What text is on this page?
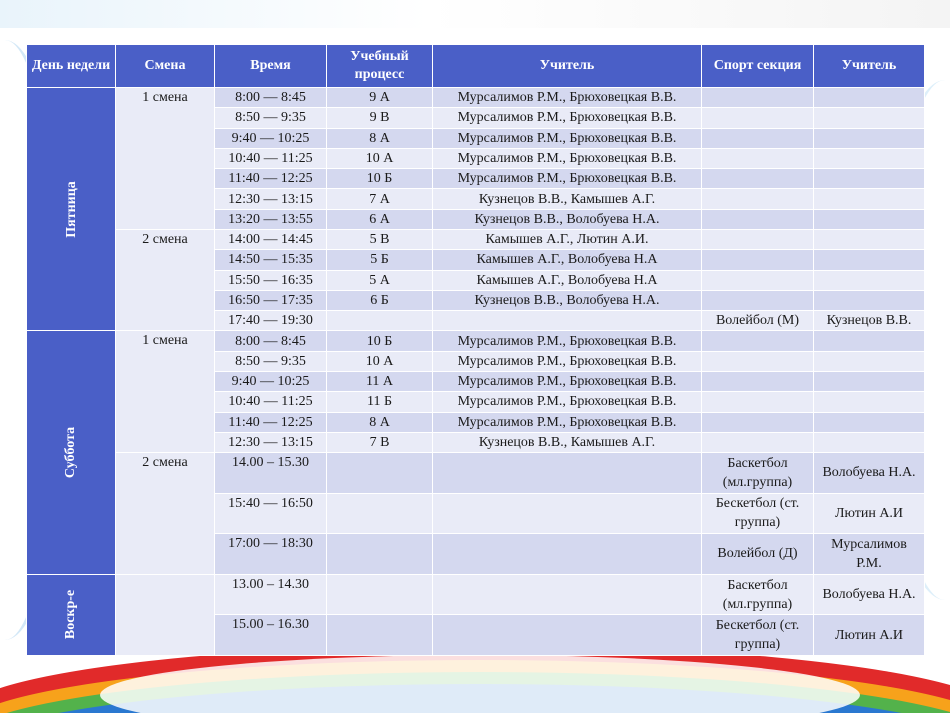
День недели	Смена	Время	Учебный процесс	Учитель	Спорт секция	Учитель
Пятница	1 смена	8:00 — 8:45	9 А	Мурсалимов Р.М., Брюховецкая В.В.		
		8:50 — 9:35	9 В	Мурсалимов Р.М., Брюховецкая В.В.		
		9:40 — 10:25	8 А	Мурсалимов Р.М., Брюховецкая В.В.		
		10:40 — 11:25	10 А	Мурсалимов Р.М., Брюховецкая В.В.		
		11:40 — 12:25	10 Б	Мурсалимов Р.М., Брюховецкая В.В.		
		12:30 — 13:15	7 А	Кузнецов В.В., Камышев А.Г.		
		13:20 — 13:55	6 А	Кузнецов В.В., Волобуева Н.А.		
	2 смена	14:00 — 14:45	5 В	Камышев А.Г., Лютин А.И.		
		14:50 — 15:35	5 Б	Камышев А.Г., Волобуева Н.А		
		15:50 — 16:35	5 А	Камышев А.Г., Волобуева Н.А		
		16:50 — 17:35	6 Б	Кузнецов В.В., Волобуева Н.А.		
		17:40 — 19:30			Волейбол (М)	Кузнецов В.В.
Суббота	1 смена	8:00 — 8:45	10 Б	Мурсалимов Р.М., Брюховецкая В.В.		
		8:50 — 9:35	10 А	Мурсалимов Р.М., Брюховецкая В.В.		
		9:40 — 10:25	11 А	Мурсалимов Р.М., Брюховецкая В.В.		
		10:40 — 11:25	11 Б	Мурсалимов Р.М., Брюховецкая В.В.		
		11:40 — 12:25	8 А	Мурсалимов Р.М., Брюховецкая В.В.		
		12:30 — 13:15	7 В	Кузнецов В.В., Камышев А.Г.		
	2 смена	14.00 – 15.30			Баскетбол (мл.группа)	Волобуева Н.А.
		15:40 — 16:50			Бескетбол (ст. группа)	Лютин А.И
		17:00 — 18:30			Волейбол (Д)	Мурсалимов Р.М.
Воскр-е		13.00 – 14.30			Баскетбол (мл.группа)	Волобуева Н.А.
		15.00 – 16.30			Бескетбол (ст. группа)	Лютин А.И
